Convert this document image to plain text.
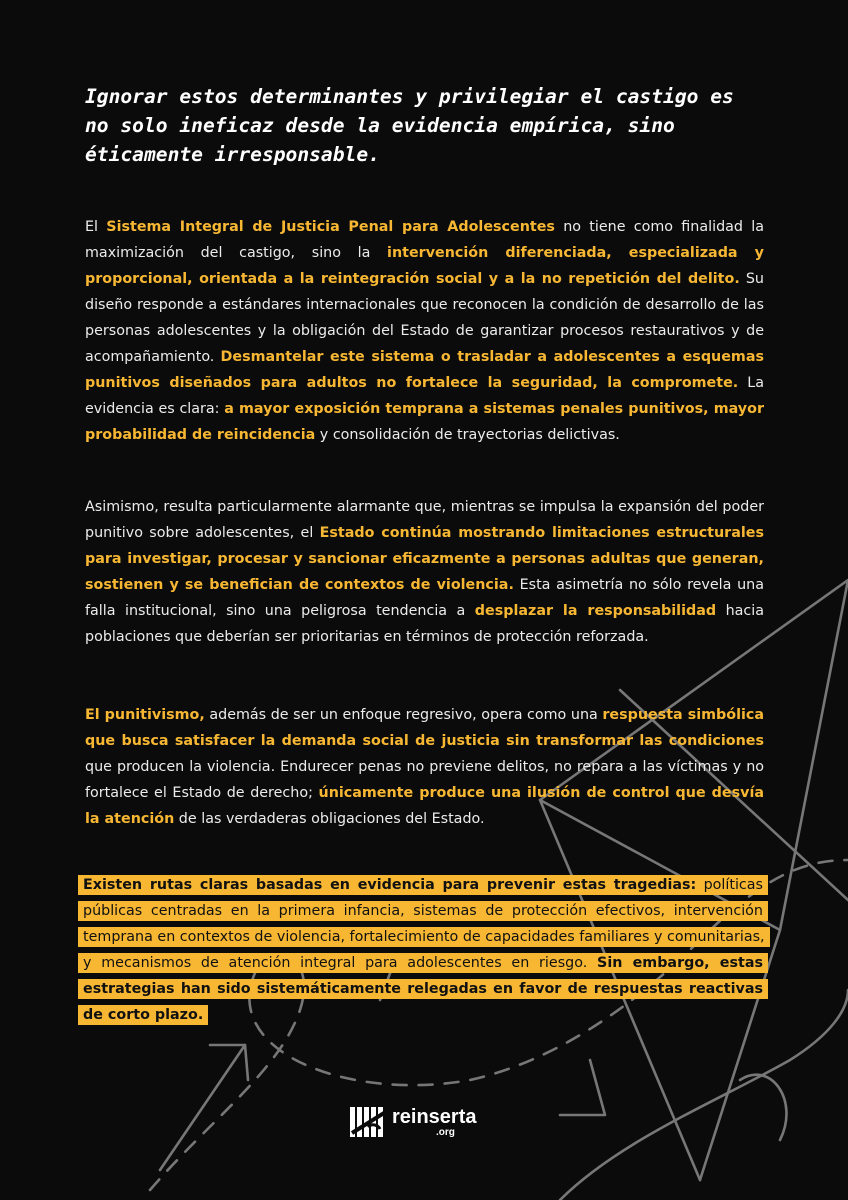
Ignorar estos determinantes y privilegiar el castigo es
no solo ineficaz desde la evidencia empírica, sino
éticamente irresponsable.

El Sistema Integral de Justicia Penal para Adolescentes no tiene como finalidad la maximización del castigo, sino la intervención diferenciada, especializada y proporcional, orientada a la reintegración social y a la no repetición del delito. Su diseño responde a estándares internacionales que reconocen la condición de desarrollo de las personas adolescentes y la obligación del Estado de garantizar procesos restaurativos y de acompañamiento. Desmantelar este sistema o trasladar a adolescentes a esquemas punitivos diseñados para adultos no fortalece la seguridad, la compromete. La evidencia es clara: a mayor exposición temprana a sistemas penales punitivos, mayor probabilidad de reincidencia y consolidación de trayectorias delictivas.

Asimismo, resulta particularmente alarmante que, mientras se impulsa la expansión del poder punitivo sobre adolescentes, el Estado continúa mostrando limitaciones estructurales para investigar, procesar y sancionar eficazmente a personas adultas que generan, sostienen y se benefician de contextos de violencia. Esta asimetría no sólo revela una falla institucional, sino una peligrosa tendencia a desplazar la responsabilidad hacia poblaciones que deberían ser prioritarias en términos de protección reforzada.

El punitivismo, además de ser un enfoque regresivo, opera como una respuesta simbólica que busca satisfacer la demanda social de justicia sin transformar las condiciones que producen la violencia. Endurecer penas no previene delitos, no repara a las víctimas y no fortalece el Estado de derecho; únicamente produce una ilusión de control que desvía la atención de las verdaderas obligaciones del Estado.

Existen rutas claras basadas en evidencia para prevenir estas tragedias: políticas públicas centradas en la primera infancia, sistemas de protección efectivos, intervención temprana en contextos de violencia, fortalecimiento de capacidades familiares y comunitarias, y mecanismos de atención integral para adolescentes en riesgo. Sin embargo, estas estrategias han sido sistemáticamente relegadas en favor de respuestas reactivas de corto plazo.

reinserta
.org
